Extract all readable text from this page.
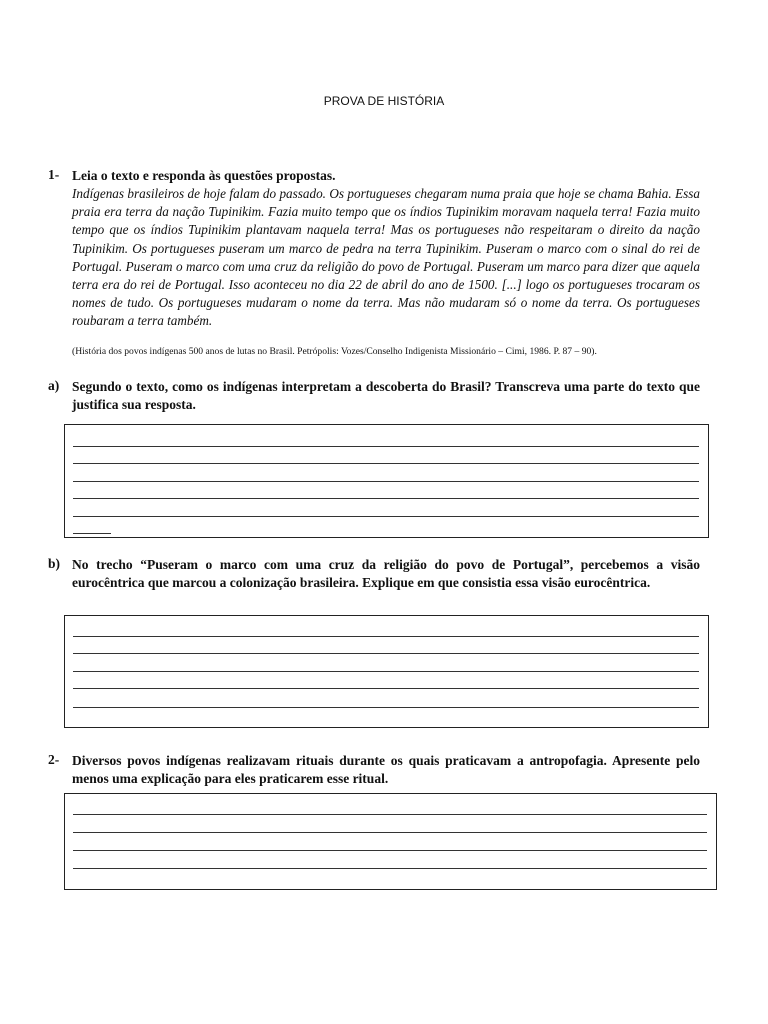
PROVA DE HISTÓRIA
1- Leia o texto e responda às questões propostas.
Indígenas brasileiros de hoje falam do passado. Os portugueses chegaram numa praia que hoje se chama Bahia. Essa praia era terra da nação Tupinikim. Fazia muito tempo que os índios Tupinikim moravam naquela terra! Fazia muito tempo que os índios Tupinikim plantavam naquela terra! Mas os portugueses não respeitaram o direito da nação Tupinikim. Os portugueses puseram um marco de pedra na terra Tupinikim. Puseram o marco com o sinal do rei de Portugal. Puseram o marco com uma cruz da religião do povo de Portugal. Puseram um marco para dizer que aquela terra era do rei de Portugal. Isso aconteceu no dia 22 de abril do ano de 1500. [...] logo os portugueses trocaram os nomes de tudo. Os portugueses mudaram o nome da terra. Mas não mudaram só o nome da terra. Os portugueses roubaram a terra também.
(História dos povos indígenas 500 anos de lutas no Brasil. Petrópolis: Vozes/Conselho Indigenista Missionário – Cimi, 1986. P. 87 – 90).
a) Segundo o texto, como os indígenas interpretam a descoberta do Brasil? Transcreva uma parte do texto que justifica sua resposta.
b) No trecho “Puseram o marco com uma cruz da religião do povo de Portugal”, percebemos a visão eurocêntrica que marcou a colonização brasileira. Explique em que consistia essa visão eurocêntrica.
2- Diversos povos indígenas realizavam rituais durante os quais praticavam a antropofagia. Apresente pelo menos uma explicação para eles praticarem esse ritual.
